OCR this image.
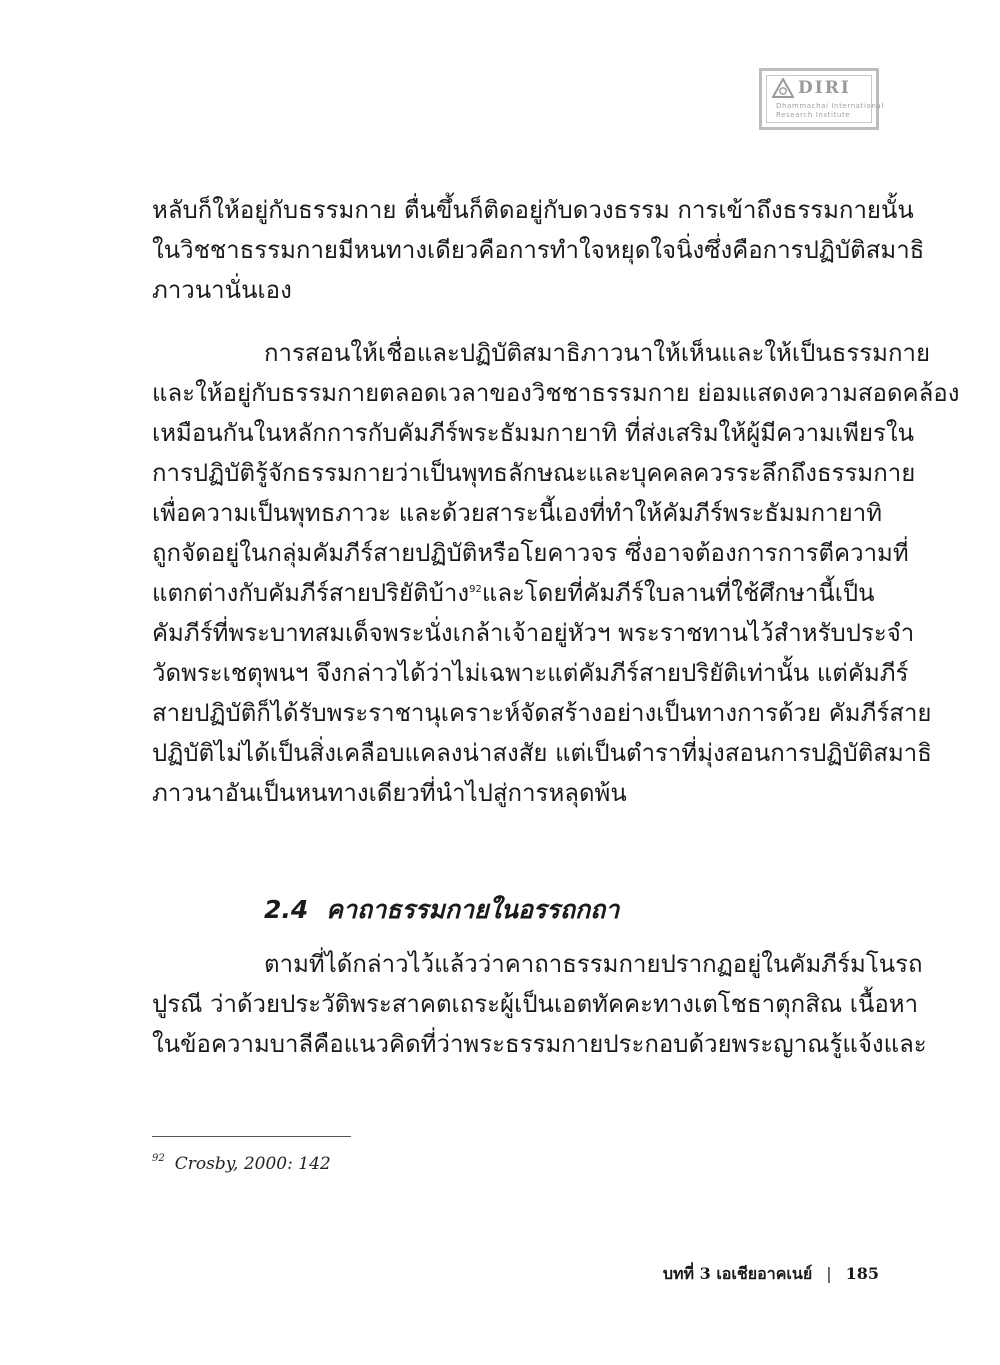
DIRI
Dhammachai International
Research Institute
หลับก็ให้อยู่กับธรรมกาย ตื่นขึ้นก็ติดอยู่กับดวงธรรม การเข้าถึงธรรมกายนั้น
ในวิชชาธรรมกายมีหนทางเดียวคือการทำใจหยุดใจนิ่งซึ่งคือการปฏิบัติสมาธิ
ภาวนานั่นเอง
การสอนให้เชื่อและปฏิบัติสมาธิภาวนาให้เห็นและให้เป็นธรรมกาย
และให้อยู่กับธรรมกายตลอดเวลาของวิชชาธรรมกาย ย่อมแสดงความสอดคล้อง
เหมือนกันในหลักการกับคัมภีร์พระธัมมกายาทิ ที่ส่งเสริมให้ผู้มีความเพียรใน
การปฏิบัติรู้จักธรรมกายว่าเป็นพุทธลักษณะและบุคคลควรระลึกถึงธรรมกาย
เพื่อความเป็นพุทธภาวะ และด้วยสาระนี้เองที่ทำให้คัมภีร์พระธัมมกายาทิ
ถูกจัดอยู่ในกลุ่มคัมภีร์สายปฏิบัติหรือโยคาวจร ซึ่งอาจต้องการการตีความที่
แตกต่างกับคัมภีร์สายปริยัติบ้าง$^{92}$และโดยที่คัมภีร์ใบลานที่ใช้ศึกษานี้เป็น
คัมภีร์ที่พระบาทสมเด็จพระนั่งเกล้าเจ้าอยู่หัวฯ พระราชทานไว้สำหรับประจำ
วัดพระเชตุพนฯ จึงกล่าวได้ว่าไม่เฉพาะแต่คัมภีร์สายปริยัติเท่านั้น แต่คัมภีร์
สายปฏิบัติก็ได้รับพระราชานุเคราะห์จัดสร้างอย่างเป็นทางการด้วย คัมภีร์สาย
ปฏิบัติไม่ได้เป็นสิ่งเคลือบแคลงน่าสงสัย แต่เป็นตำราที่มุ่งสอนการปฏิบัติสมาธิ
ภาวนาอันเป็นหนทางเดียวที่นำไปสู่การหลุดพ้น
2.4 คาถาธรรมกายในอรรถกถา
ตามที่ได้กล่าวไว้แล้วว่าคาถาธรรมกายปรากฏอยู่ในคัมภีร์มโนรถ
ปูรณี ว่าด้วยประวัติพระสาคตเถระผู้เป็นเอตทัคคะทางเตโชธาตุกสิณ เนื้อหา
ในข้อความบาลีคือแนวคิดที่ว่าพระธรรมกายประกอบด้วยพระญาณรู้แจ้งและ
$^{92}$ Crosby, 2000: 142
บทที่ 3 เอเชียอาคเนย์ | 185
